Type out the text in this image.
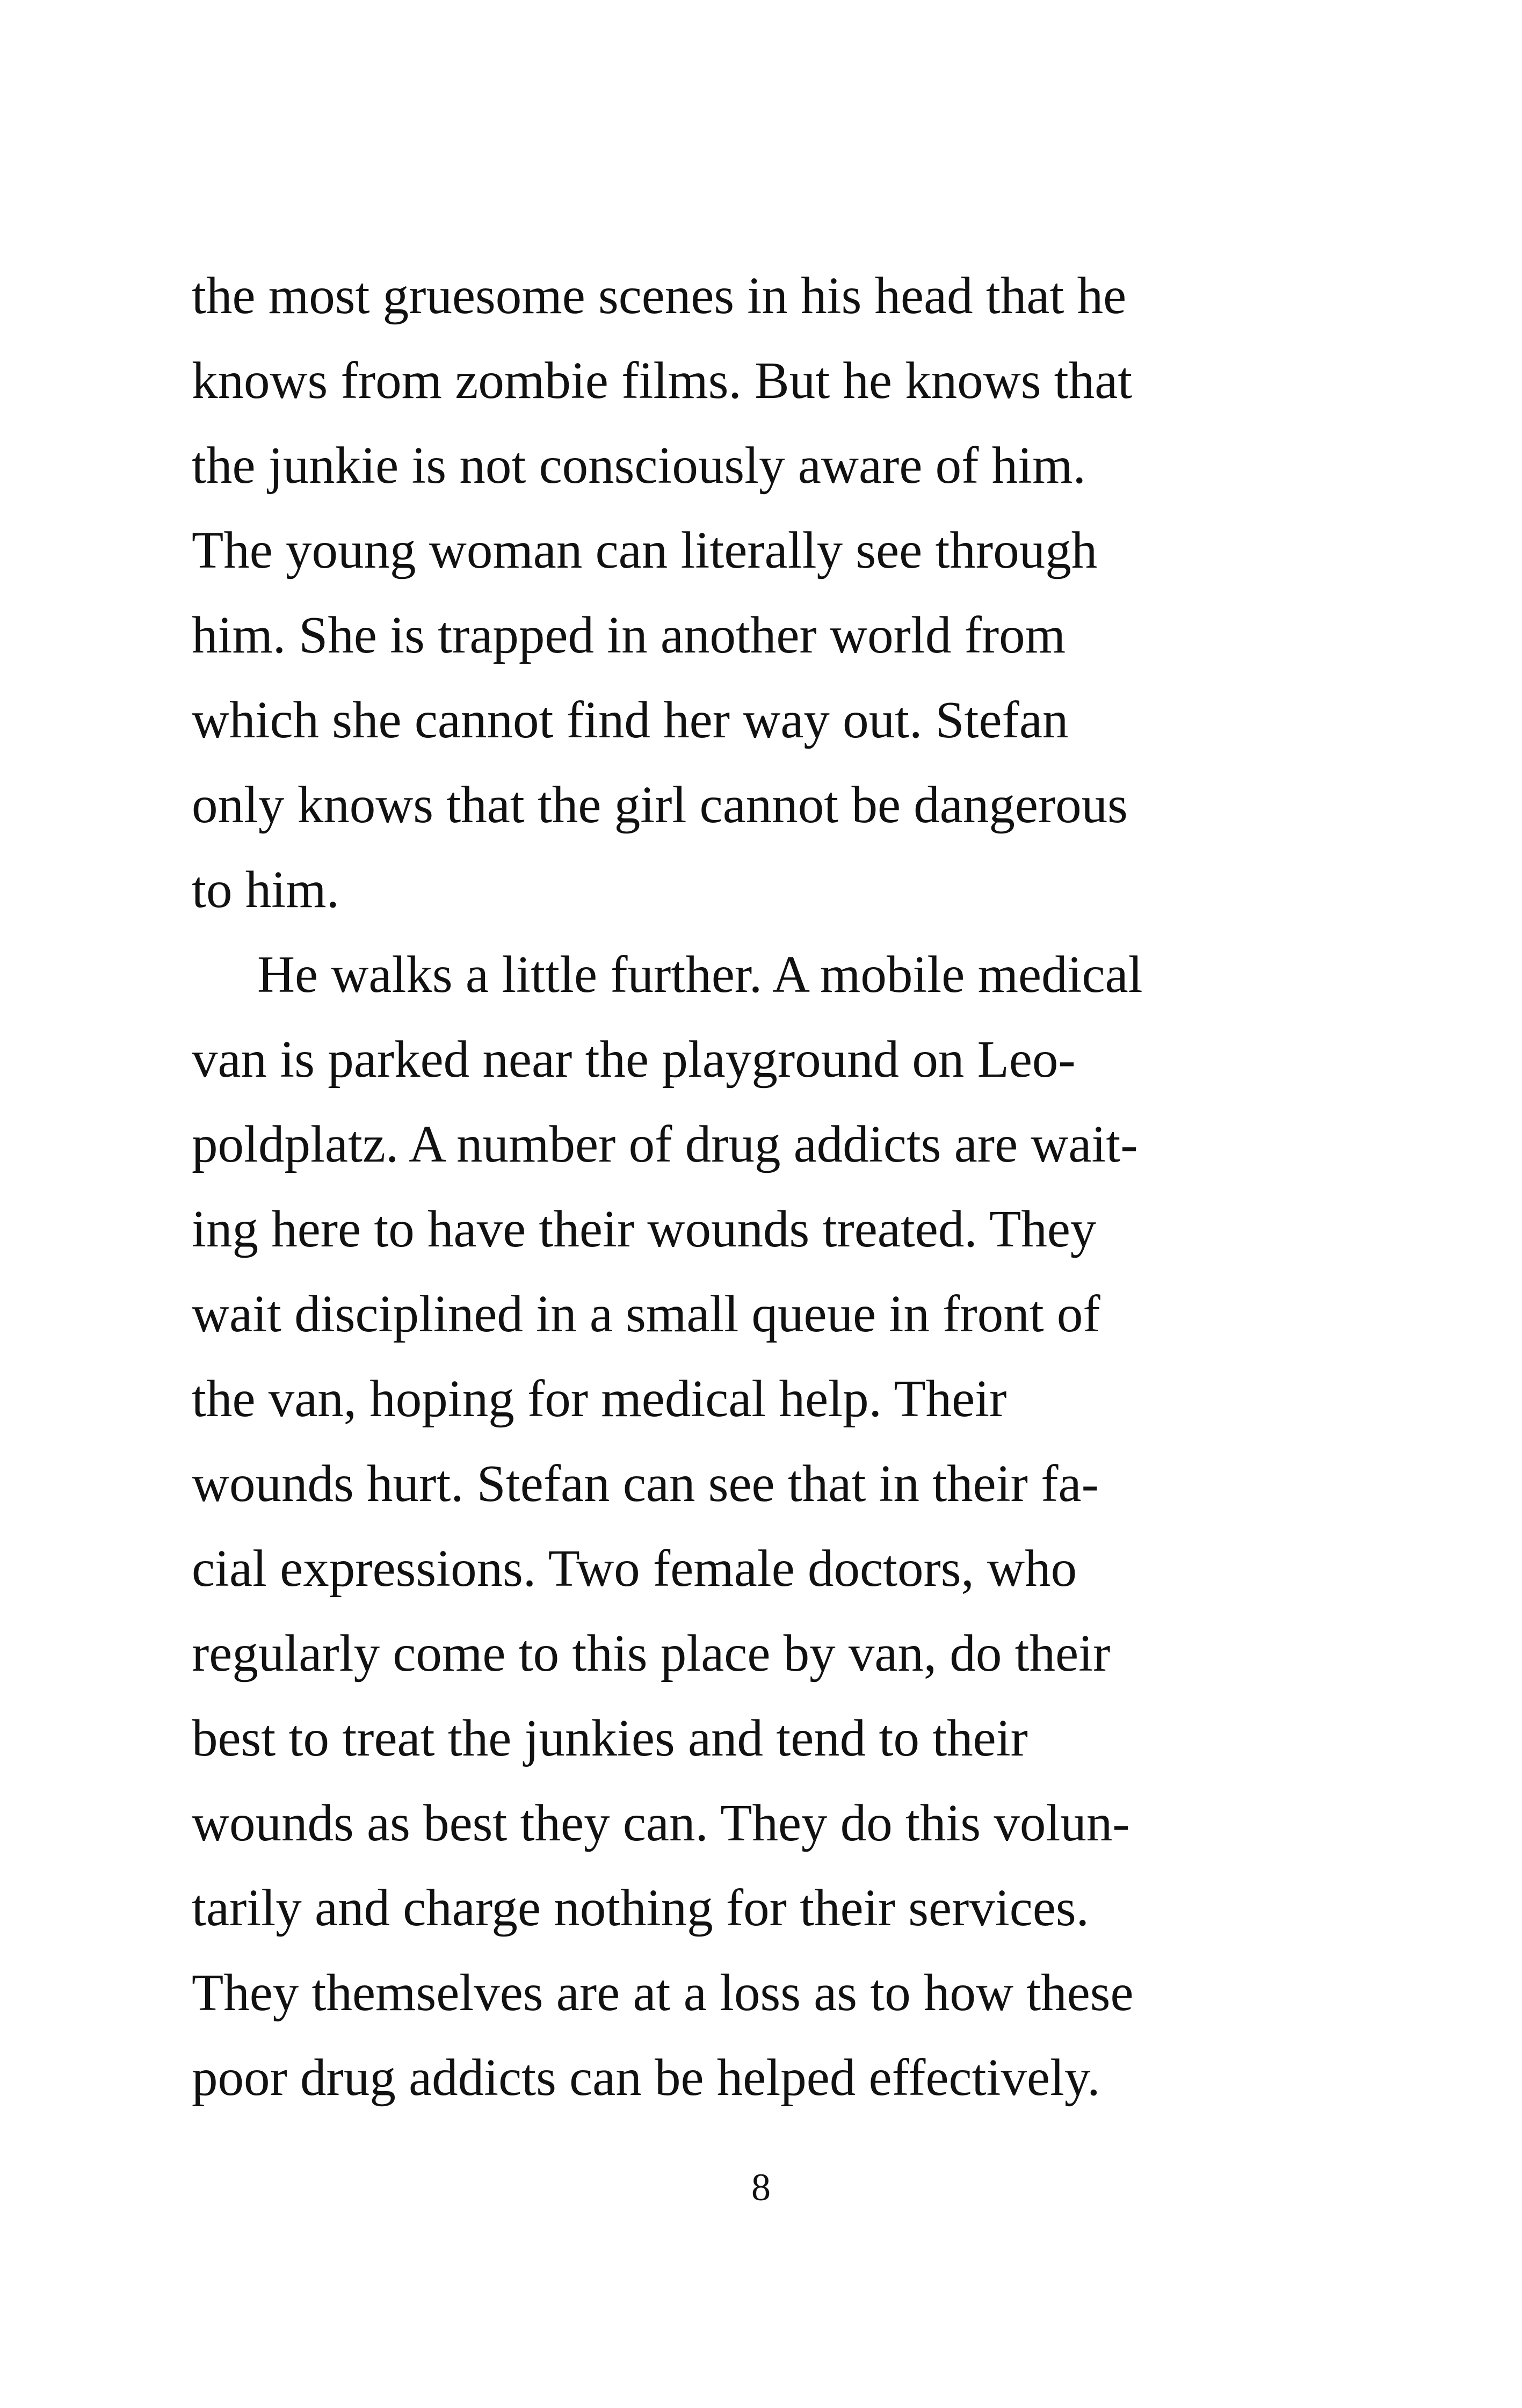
the most gruesome scenes in his head that he
knows from zombie films. But he knows that
the junkie is not consciously aware of him.
The young woman can literally see through
him. She is trapped in another world from
which she cannot find her way out. Stefan
only knows that the girl cannot be dangerous
to him.
He walks a little further. A mobile medical
van is parked near the playground on Leo-
poldplatz. A number of drug addicts are wait-
ing here to have their wounds treated. They
wait disciplined in a small queue in front of
the van, hoping for medical help. Their
wounds hurt. Stefan can see that in their fa-
cial expressions. Two female doctors, who
regularly come to this place by van, do their
best to treat the junkies and tend to their
wounds as best they can. They do this volun-
tarily and charge nothing for their services.
They themselves are at a loss as to how these
poor drug addicts can be helped effectively.
8
